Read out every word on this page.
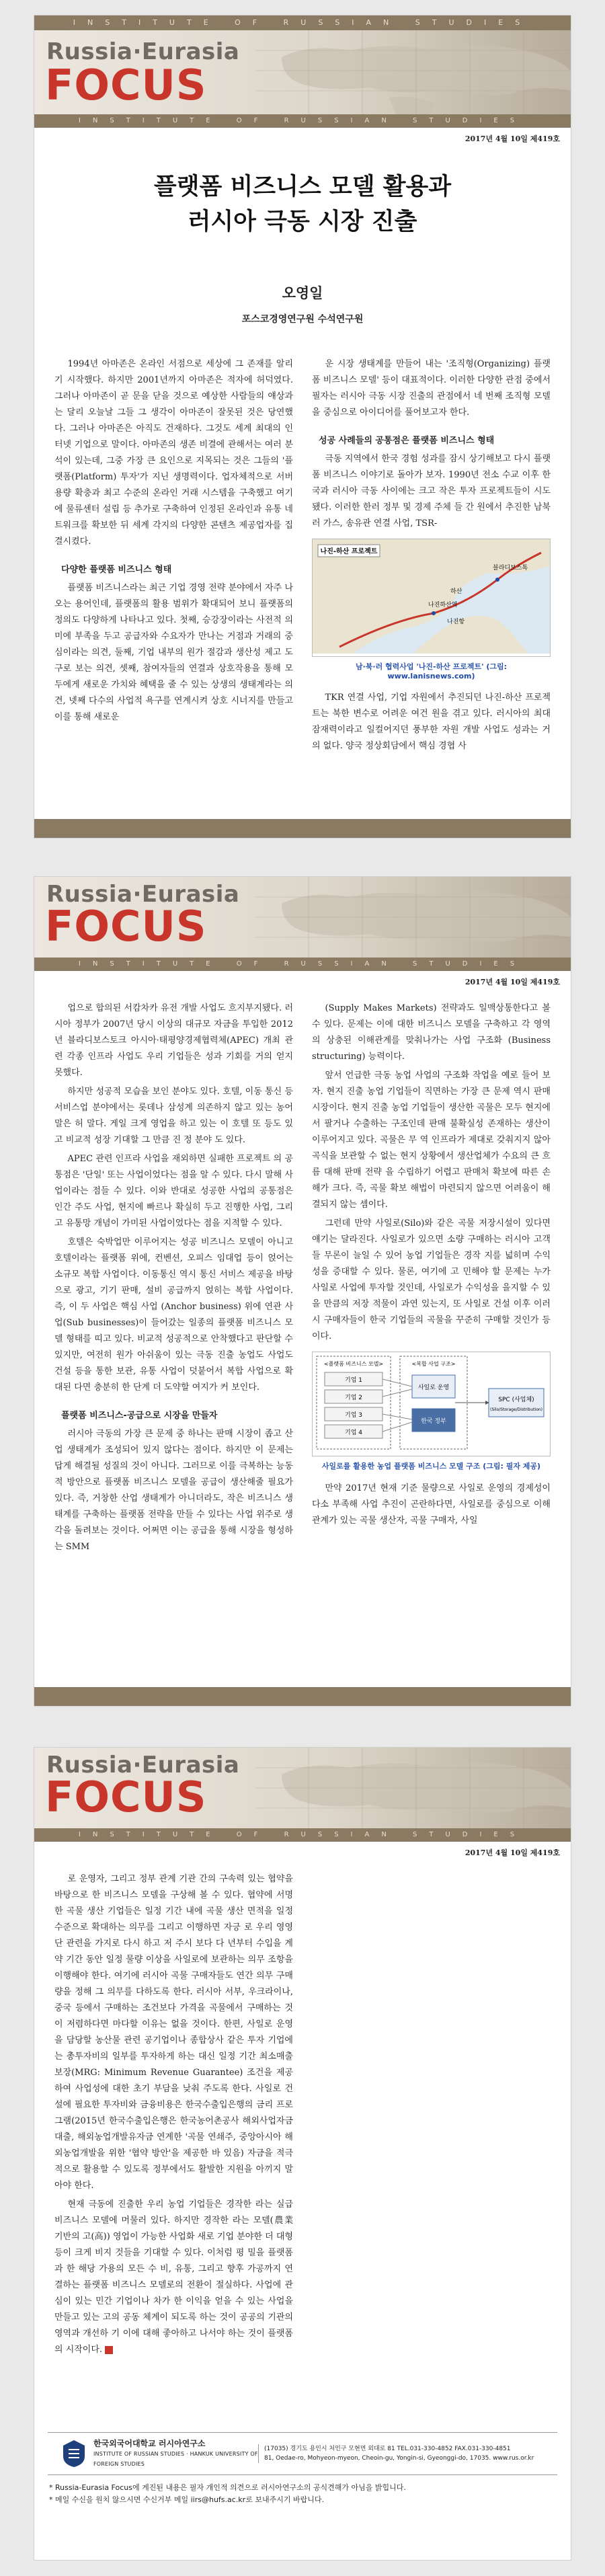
INSTITUTE OF RUSSIAN STUDIES
Russia·Eurasia
FOCUS
INSTITUTE OF RUSSIAN STUDIES
2017년 4월 10일 제419호
플랫폼 비즈니스 모델 활용과
러시아 극동 시장 진출
오영일
포스코경영연구원 수석연구원

1994년 아마존은 온라인 서점으로 세상에 그 존재를 알리기 시작했다. 하지만 2001년까지 아마존은 적자에 허덕였다. 그러나 아마존이 곧 문을 닫을 것으로 예상한 사람들의 얘상과는 달리 오늘날 그들 그 생각이 아마존이 잘못된 것은 당연했다. 그러나 아마존은 아직도 건재하다. 그것도 세계 최대의 인터넷 기업으로 말이다. 아마존의 생존 비결에 관해서는 여러 분석이 있는데, 그중 가장 큰 요인으로 지목되는 것은 그들의 '플랫폼(Platform) 투자'가 지닌 생명력이다. 업자체적으로 서버 용량 확충과 최고 수준의 온라인 거래 시스템을 구축했고 여기에 물류센터 설립 등 추가로 구축하여 인정된 온라인과 유통 네트워크를 확보한 뒤 세계 각지의 다양한 콘텐츠 제공업자를 집결시켰다.

다양한 플랫폼 비즈니스 형태

플랫폼 비즈니스라는 최근 기업 경영 전략 분야에서 자주 나오는 용어인데, 플랫폼의 활용 범위가 확대되어 보니 플랫폼의 정의도 다양하게 나타나고 있다. 첫째, 승강장이라는 사전적 의미에 부족을 두고 공급자와 수요자가 만나는 거점과 거래의 중심이라는 의견, 둘째, 기업 내부의 원가 절감과 생산성 제고 도구로 보는 의견, 셋째, 참여자들의 연결과 상호작용을 통해 모두에게 새로운 가치와 혜택을 줄 수 있는 상생의 생태계라는 의견, 넷째 다수의 사업적 욕구를 연계시켜 상호 시너지를 만들고 이를 통해 새로운

운 시장 생태계를 만들어 내는 '조직형(Organizing) 플랫폼 비즈니스 모델' 등이 대표적이다. 이러한 다양한 관점 중에서 필자는 러시아 극동 시장 진출의 관점에서 네 번째 조직형 모델을 중심으로 아이디어를 풀어보고자 한다.

성공 사례들의 공통점은 플랫폼 비즈니스 형태

극동 지역에서 한국 경험 성과를 잠시 상기해보고 다시 플랫폼 비즈니스 이야기로 돌아가 보자. 1990년 전소 수교 이후 한국과 러시아 극동 사이에는 크고 작은 투자 프로젝트들이 시도됐다. 이러한 한러 정부 및 경제 주체 들 간 원에서 추진한 남북러 가스, 송유관 연결 사업, TSR-

나진-하산 프로젝트
블라디보스톡
나진하산역
하산
나진항
남·북·러 협력사업 '나진-하산 프로젝트' (그림: www.lanisnews.com)

TKR 연결 사업, 기업 자원에서 추진되던 나진-하산 프로젝트는 북한 변수로 어려운 여건 원을 겪고 있다. 러시아의 최대 잠재력이라고 일컬어지던 풍부한 자원 개발 사업도 성과는 거의 없다. 양국 정상회담에서 핵심 경협 사

Russia·Eurasia
FOCUS
INSTITUTE OF RUSSIAN STUDIES
2017년 4월 10일 제419호

업으로 합의된 서캄차카 유전 개발 사업도 흐지부지됐다. 러시아 정부가 2007년 당시 이상의 대규모 자금을 투입한 2012년 블라디보스토크 아시아·태평양경제협력체(APEC) 개최 관련 각종 인프라 사업도 우리 기업들은 성과 기회를 거의 얻지 못했다.

하지만 성공적 모습을 보인 분야도 있다. 호텔, 이동 통신 등 서비스업 분야에서는 롯데나 삼성계 의존하지 않고 있는 농어 말은 허 말다. 게일 크게 영업을 하고 있는 이 호텔 또 등도 있고 비교적 성장 기대할 그 만큼 진 정 분야 도 있다.

APEC 관련 인프라 사업을 재외하면 실패한 프로젝트 의 공통점은 '단일' 또는 사업이었다는 점을 알 수 있다. 다시 말해 사업이라는 점들 수 있다. 이와 반대로 성공한 사업의 공통점은 인간 주도 사업, 현지에 빠르나 확실히 두고 진행한 사업, 그리고 유통망 개념이 가미된 사업이었다는 점을 지적할 수 있다.

호텔은 숙박업만 이루어지는 성공 비즈니스 모델이 아니고 호텔이라는 플랫폼 위에, 컨벤션, 오피스 임대업 등이 얹어는 소규모 복합 사업이다. 이동통신 역시 통신 서비스 제공을 바탕으로 광고, 기기 판매, 설비 공급까지 얹히는 복합 사업이다. 즉, 이 두 사업은 핵심 사업 (Anchor business) 위에 연관 사업(Sub businesses)이 들어갔는 일종의 플랫폼 비즈니스 모델 형태를 띠고 있다. 비교적 성공적으로 안착했다고 판단할 수 있지만, 여전히 원가 아쉬움이 있는 극동 진출 농업도 사업도 건설 등을 통한 보관, 유통 사업이 덧붙어서 복합 사업으로 확대된 다면 충분히 한 단계 더 도약할 여지가 커 보인다.

플랫폼 비즈니스-공급으로 시장을 만들자

러시아 극동의 가장 큰 문제 중 하나는 판매 시장이 좁고 산업 생태계가 조성되어 있지 않다는 점이다. 하지만 이 문제는 답게 해결될 성질의 것이 아니다. 그러므로 이를 극복하는 능동적 방안으로 플랫폼 비즈니스 모델을 공급이 생산해줄 필요가 있다. 즉, 거창한 산업 생태계가 아니더라도, 작은 비즈니스 생태계를 구축하는 플랫폼 전략을 만들 수 있다는 사업 위주로 생각을 돌려보는 것이다. 어쩌면 이는 공급을 통해 시장을 형성하는 SMM

(Supply Makes Markets) 전략과도 일맥상통한다고 볼 수 있다. 문제는 이에 대한 비즈니스 모델을 구축하고 각 영역의 상충된 이해관계를 맞춰나가는 사업 구조화 (Business structuring) 능력이다.

앞서 언급한 극동 농업 사업의 구조화 작업을 예로 들어 보자. 현지 진출 농업 기업들이 직면하는 가장 큰 문제 역시 판매 시장이다. 현지 진출 농업 기업들이 생산한 곡물은 모두 현지에서 팔거나 수출하는 구조인데 판매 불확실성 존재하는 생산이 이루어지고 있다. 곡물은 무 역 인프라가 제대로 갖춰지지 않아 곡식을 보관할 수 없는 현지 상황에서 생산업체가 수요의 큰 흐름 대해 판매 전략 을 수립하기 어렵고 판매처 확보에 따른 손해가 크다. 즉, 곡물 확보 해법이 마련되지 않으면 어려움이 해결되지 않는 셈이다.

그런데 만약 사일로(Silo)와 같은 곡물 저장시설이 있다면 얘기는 달라진다. 사일로가 있으면 소량 구매하는 러시아 고객들 무론이 늘일 수 있어 농업 기업들은 경작 지를 넓히며 수익성을 증대할 수 있다. 물론, 여기에 고 민해야 할 문제는 누가 사일로 사업에 투자할 것인데, 사일로가 수익성을 을지할 수 있을 만큼의 저장 적물이 과연 있는지, 또 사일로 건설 이후 이러시 구매자들이 한국 기업들의 곡물을 꾸준히 구매할 것인가 등이다.

<플랫폼 비즈니스 모델>
기업 1
기업 2
기업 3
기업 4
<복합 사업 구조>
사일로 운영
한국 정부
SPC (사업체)
(Silo/Storage/Distribution)
사일로를 활용한 농업 플랫폼 비즈니스 모델 구조 (그림: 필자 제공)

만약 2017년 현재 기준 물량으로 사일로 운영의 경제성이 다소 부족해 사업 추진이 곤란하다면, 사일로를 중심으로 이해관계가 있는 곡물 생산자, 곡물 구매자, 사일

Russia·Eurasia
FOCUS
INSTITUTE OF RUSSIAN STUDIES
2017년 4월 10일 제419호

로 운영자, 그리고 정부 관계 기관 간의 구속력 있는 협약을 바탕으로 한 비즈니스 모델을 구상해 볼 수 있다. 협약에 서명한 곡물 생산 기업들은 일정 기간 내에 곡물 생산 면적을 일정 수준으로 확대하는 의무를 그리고 이행하면 자긍 로 우리 영영 단 관련을 가지로 다시 하고 저 주시 보다 다 년부터 수입을 계약 기간 동안 일정 물량 이상을 사일로에 보관하는 의무 조항을 이행해야 한다. 여기에 러시아 곡물 구매자들도 연간 의무 구매량을 정해 그 의무를 다하도록 한다. 러시아 서부, 우크라이나, 중국 등에서 구매하는 조건보다 가격을 곡물에서 구매하는 것이 저렴하다면 마다할 이유는 없을 것이다. 한편, 사일로 운영을 담당할 농산물 관련 공기업이나 종합상사 같은 투자 기업에는 총투자비의 일부를 투자하게 하는 대신 일정 기간 최소매출보장(MRG: Minimum Revenue Guarantee) 조건을 제공하여 사업성에 대한 초기 부담을 낮춰 주도록 한다. 사일로 건설에 필요한 투자비와 금융비용은 한국수출입은행의 금리 프로그램(2015년 한국수출입은행은 한국농어촌공사 해외사업자금대출, 해외농업개발유자금 연계한 '곡물 연쇄주, 중앙아시아 해외농업개발을 위한 '협약 방안'을 제공한 바 있음) 자금을 적극적으로 활용할 수 있도록 정부에서도 활발한 지원을 아끼지 말아야 한다.

현재 극동에 진출한 우리 농업 기업들은 경작한 라는 실급 비즈니스 모델에 머물러 있다. 하지만 경작한 라는 모델(農業 기반의 고(高)) 영업이 가능한 사업화 새로 기업 분야한 더 대형 등이 크게 비지 것들을 기대할 수 있다. 이처럼 평 밀을 플랫폼과 한 해당 가용의 모든 수 비, 유통, 그리고 향후 가공까지 연결하는 플랫폼 비즈니스 모델로의 전환이 절실하다. 사업에 관심이 있는 민간 기업이나 차가 한 이익을 얻을 수 있는 사업을 만들고 있는 고의 공동 체계이 되도록 하는 것이 공공의 기관의 영역과 개선하 기 이에 대해 좋아하고 나서야 하는 것이 플랫폼의 시작이다.

한국외국어대학교 러시아연구소
INSTITUTE OF RUSSIAN STUDIES · HANKUK UNIVERSITY OF FOREIGN STUDIES
(17035) 경기도 용인시 처인구 모현면 외대로 81 TEL.031-330-4852 FAX.031-330-4851
81, Oedae-ro, Mohyeon-myeon, Cheoin-gu, Yongin-si, Gyeonggi-do, 17035. www.rus.or.kr
* Russia-Eurasia Focus에 게진된 내용은 필자 개인적 의견으로 러시아연구소의 공식견해가 아님을 밝힙니다.
* 메일 수신을 원치 않으시면 수신거부 메일 iirs@hufs.ac.kr로 보내주시기 바랍니다.
